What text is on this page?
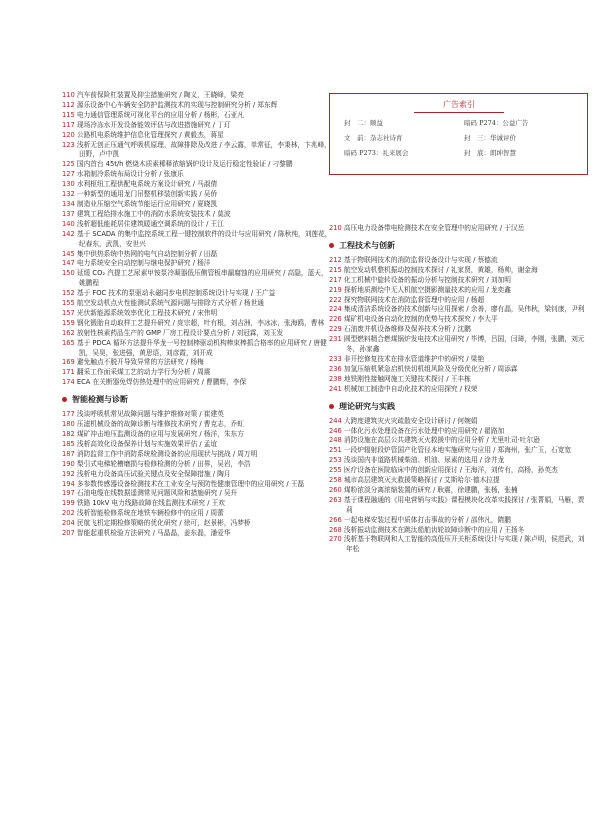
110 汽车前保险杠装置及抑尘措施研究 / 陶义，王晓峰，梁亮

112 源乐设备中心车辆安全防护监测技术的实现与控制研究分析 / 郑东辉

115 电力通信管理系统可视化平台的应用分析 / 杨彬，石亚凡

117 现场冷冻水开发设备能效评估与改进措施研究 / 丁玎

120 公路机电系统维护信息化管理探究 / 黄毅杰，蒋星

123 浅析无创正压通气呼吸机原理、故障排除及改进 / 李云露，单常征，李秉林，卞兆峰，田野，卢中凯

125 国内首台 45t/h 燃烧木质素稀释浓缩锅炉设计及运行稳定性验证 / 刁黎鹏

127 水箱制冷系统布局设计分析 / 张康乐

130 水利枢纽工程供配电系统方案设计研究 / 马淑倩

132 一种新型的通用龙门吊整机移装创新实践 / 吴侨

134 制造业压缩空气系统节能运行应用研究 / 夏晓凯

137 建筑工程给排水施工中的消防水系统安装技术 / 莫波

140 浅析超低能耗居住建筑暖通空调系统的设计 / 王江

142 基于 SCADA 的集中监控系统工程一键控制软件的设计与应用研究 / 陈秋纯，刘莲花，纪春东，武凯，安世兴

145 集中供热系统中热网的电气自动控制分析 / 田磊

147 电力系统安全自动控制与继电保护研究 / 杨洋

150 延缓 CO₂ 汽提工艺尿素甲铵泵冷凝器低压侧管板串漏腐蚀的应用研究 / 高隐，蓝天，姚鹏程

152 基于 FOC 技术的泵驱动永磁同步电机控制系统设计与实现 / 王广益

155 航空发动机点火性能测试系统气源问题与排除方式分析 / 杨世通

157 光伏新能源系统效率优化工程技术研究 / 宋伟明

159 钢化锻胎自动取样工艺提升研究 / 庞宗超，叶有根，刘吉洲，李冰冰，张海鸥，曹林

162 放射性核素药品生产的 GMP 厂房工程设计要点分析 / 刘冠霖，刘玉发

165 基于 PDCA 循环方法提升华龙一号控制棒驱动机构棒束棒抓合格率的应用研究 / 唐健凯，吴昊，张进强，黄思语，刘彦霞，刘开成

169 避免触点不脱开导致异常的方法研究 / 杨梅

171 翻采工作面采煤工艺的动力学行为分析 / 周震

174 ECA 在关断器免焊仿热处理中的应用研究 / 曹鹏辉，李保

智能检测与诊断

177 浅谈呼吸机常见故障问题与维护维修对策 / 崔建英

180 压滤机械设备的故障诊断与维修技术研究 / 曹克志，乔虹

182 煤矿冲击地压监测设备的应用与发展研究 / 杨洋，朱东方

185 浅析高效化设备保养计划与实施效果评估 / 孟谊

187 消防监督工作中消防系统检测设备的应用现状与挑战 / 周万明

190 梨引式电梯轮槽磨损与检修检测的分析 / 田界，吴岩，李浩

192 浅析电力设备高压试验关键点及安全保障措施 / 陶月

194 多参数传感器设备检测技术在工业安全与预防性健康管理中的应用研究 / 王磊

197 石油电缆在线数据遥测常见问题风险和措施研究 / 吴升

199 铁路 10kV 电力线路故障在线监测技术研究 / 王欢

202 浅析智能检修系统在地铁车辆检修中的应用 / 周蕾

204 民航飞机定期检修策略的优化研究 / 徐可，赵景彬，冯梦桥

207 智能起重机检验方法研究 / 马晶晶，姜东磊，潘爱华

广告索引
封　二：顺益	暗码 P274：公益广告
文　前：杂志社诗育	封　三：华诚评价
暗码 P273：礼来展会	封　底：朗坤智慧

210 高压电力设备带电检测技术在安全管理中的应用研究 / 于汉岳

工程技术与创新

212 基于物联网技术的消防监督设备设计与实现 / 蔡德流

215 航空发动机整机振动控制技术探讨 / 礼家贤，黄雄，杨帅，谢金海

217 化工机械中旋转设备的振动分析与控制技术研究 / 刘加明

219 探析地质测绘中无人机航空摄影测量技术的应用 / 龙奕鑫

222 探究物联网技术在消防监督管理中的应用 / 杨超

224 集成清洁系统设备的技术创新与应用探索 / 余善，廖有晶，吴伟秋，梁钊康，尹利

226 煤矿机电设备自动化控制的优势与技术探究 / 李大平

229 石油废井机设备维修及保养技术分析 / 沈鹏

231 圆型燃料精合燃煤锅炉发电技术应用研究 / 毕博，吕国，闫琦，李刚，张鹏，刘元冬，孙家鑫

233 非开挖修复技术在排水管道维护中的研究 / 梁艳

236 加氢压缩机紧急启机快切机组风险及分级优化分析 / 周添霖

238 地铁刚性接触网施工关键技术探讨 / 王丰栋

241 机械加工制造中自动化技术的应用探究 / 权荣

理论研究与实践

244 大跨度建筑灾火灾疏散安全设计研讨 / 何婉娟

246 一体化污水处理设备在污水处理中的应用研究 / 翟路加

248 消防设施在高层公共建筑灭火救援中的应用分析 / 尤里吐司·吐尔逊

251 一段炉辐射段炉管国产化管径本地实施研究与应用 / 郑海州，张广玉，石宽宽

253 浅谈国内非道路机械柴油、机油、尿素的选用 / 涂井龙

255 医疗设备在医院临床中的创新应用探讨 / 王海洋，刘传有，高杨，孙英杰

258 城市高层建筑灭火救援策略探讨 / 艾斯哈尔·德木拉提

260 煤粉浓淡分离浓缩装置的研究 / 耿震，徐建鹏，张杨，张楠

263 基于课程融通的《用电营销与实践》课程模块化改革实践探讨 / 张菁娟，马雁，贾莉

266 一起电梯安装过程中质体打击事故的分析 / 邵伟凡，隋鹏

268 浅析振动监测技术在跳汰船舶齿轮故障诊断中的应用 / 王扬冬

270 浅析基于物联网和人工智能的高低压开关柜系统设计与实现 / 陈卢明，侯范武，刘年松
